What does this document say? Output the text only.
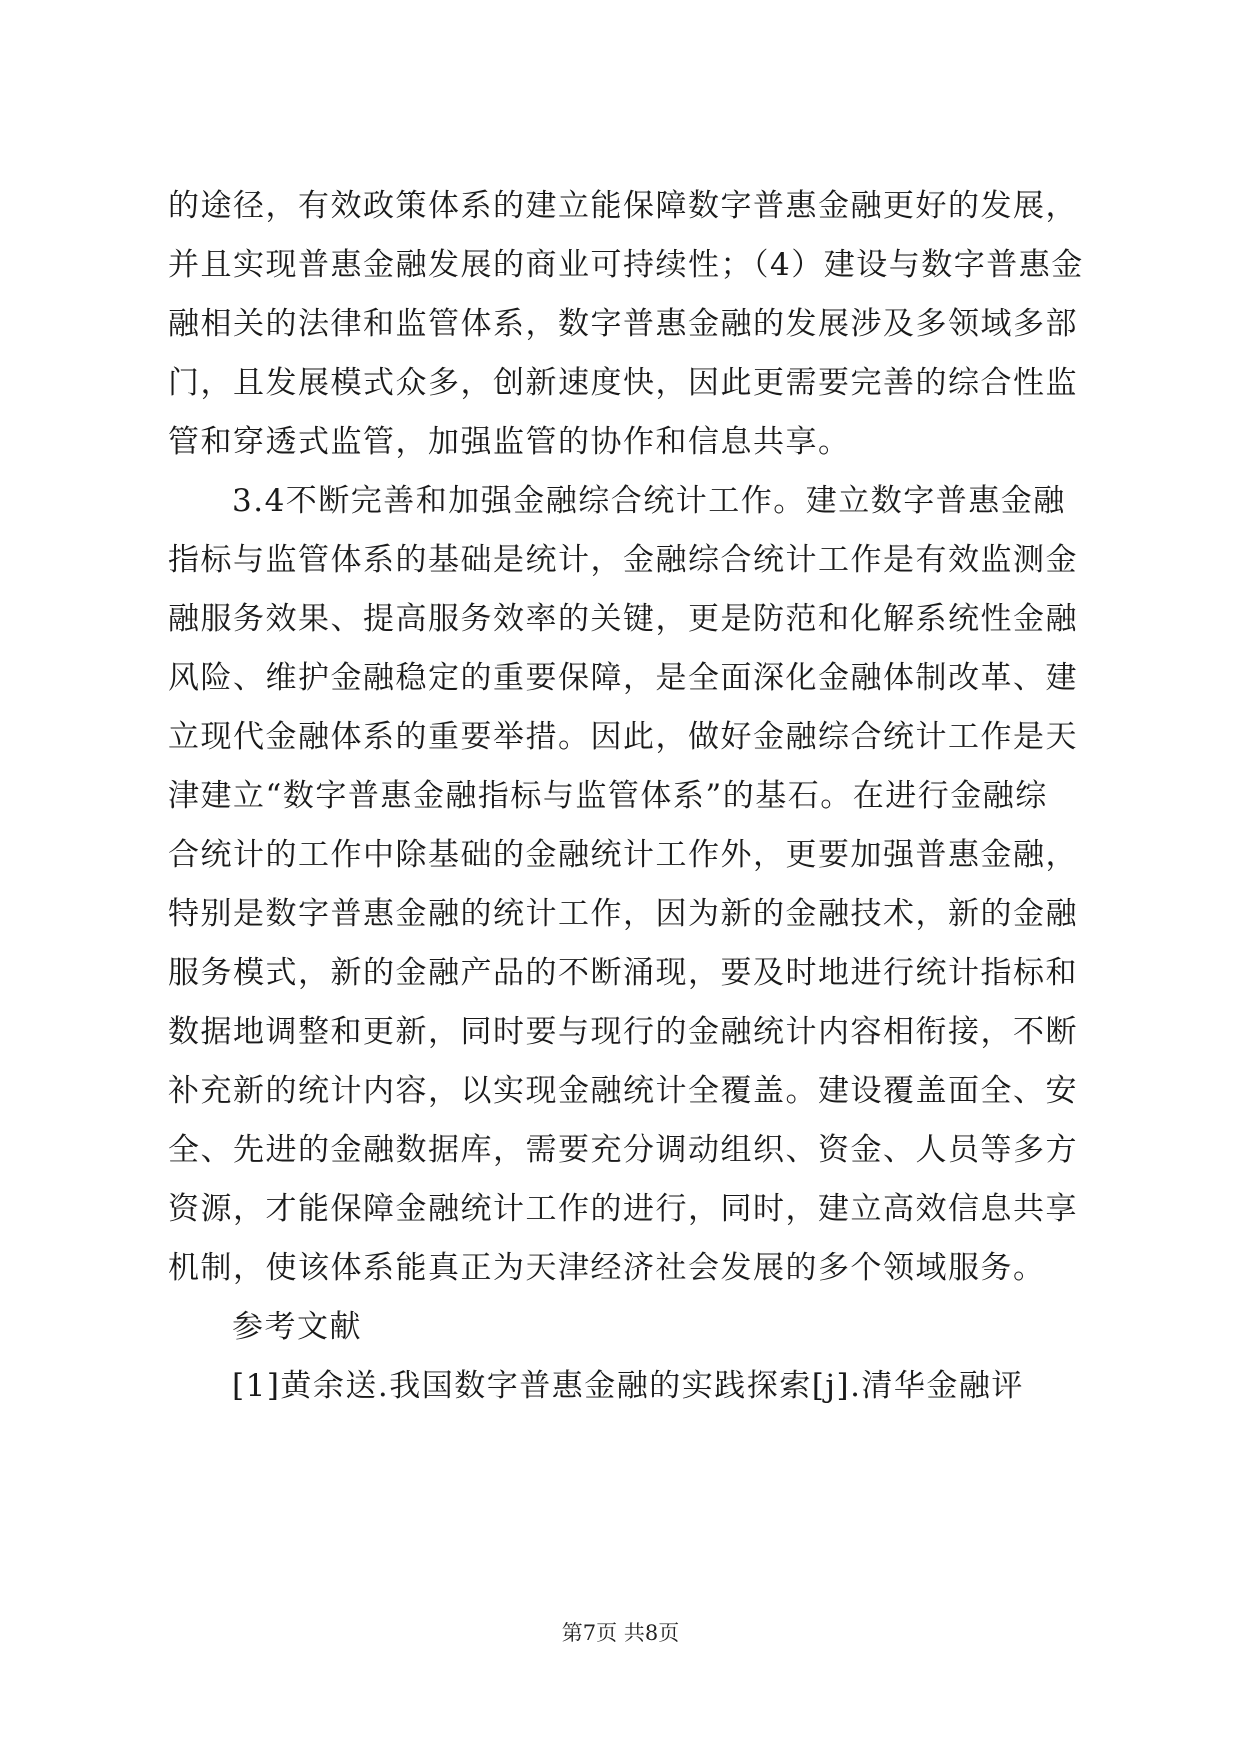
的途径，有效政策体系的建立能保障数字普惠金融更好的发展，
并且实现普惠金融发展的商业可持续性；（4）建设与数字普惠金
融相关的法律和监管体系，数字普惠金融的发展涉及多领域多部
门，且发展模式众多，创新速度快，因此更需要完善的综合性监
管和穿透式监管，加强监管的协作和信息共享。
3.4不断完善和加强金融综合统计工作。建立数字普惠金融
指标与监管体系的基础是统计，金融综合统计工作是有效监测金
融服务效果、提高服务效率的关键，更是防范和化解系统性金融
风险、维护金融稳定的重要保障，是全面深化金融体制改革、建
立现代金融体系的重要举措。因此，做好金融综合统计工作是天
津建立“数字普惠金融指标与监管体系”的基石。在进行金融综
合统计的工作中除基础的金融统计工作外，更要加强普惠金融，
特别是数字普惠金融的统计工作，因为新的金融技术，新的金融
服务模式，新的金融产品的不断涌现，要及时地进行统计指标和
数据地调整和更新，同时要与现行的金融统计内容相衔接，不断
补充新的统计内容，以实现金融统计全覆盖。建设覆盖面全、安
全、先进的金融数据库，需要充分调动组织、资金、人员等多方
资源，才能保障金融统计工作的进行，同时，建立高效信息共享
机制，使该体系能真正为天津经济社会发展的多个领域服务。
参考文献
[1]黄余送.我国数字普惠金融的实践探索[j].清华金融评
第7页 共8页
